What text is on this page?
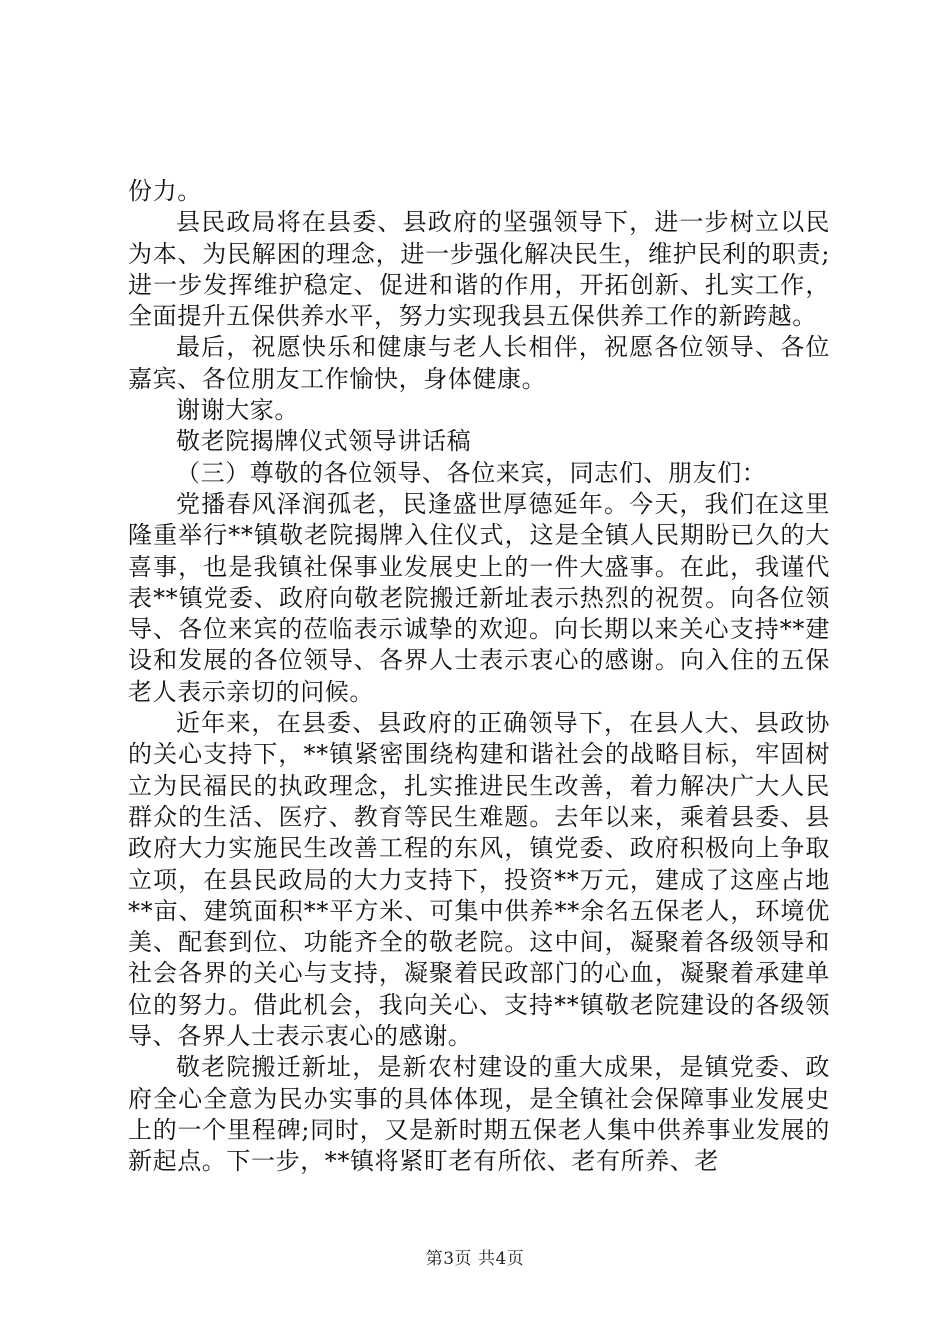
份力。

县民政局将在县委、县政府的坚强领导下，进一步树立以民为本、为民解困的理念，进一步强化解决民生，维护民利的职责;进一步发挥维护稳定、促进和谐的作用，开拓创新、扎实工作，全面提升五保供养水平，努力实现我县五保供养工作的新跨越。

最后，祝愿快乐和健康与老人长相伴，祝愿各位领导、各位嘉宾、各位朋友工作愉快，身体健康。

谢谢大家。

敬老院揭牌仪式领导讲话稿

（三）尊敬的各位领导、各位来宾，同志们、朋友们：

党播春风泽润孤老，民逢盛世厚德延年。今天，我们在这里隆重举行**镇敬老院揭牌入住仪式，这是全镇人民期盼已久的大喜事，也是我镇社保事业发展史上的一件大盛事。在此，我谨代表**镇党委、政府向敬老院搬迁新址表示热烈的祝贺。向各位领导、各位来宾的莅临表示诚挚的欢迎。向长期以来关心支持**建设和发展的各位领导、各界人士表示衷心的感谢。向入住的五保老人表示亲切的问候。

近年来，在县委、县政府的正确领导下，在县人大、县政协的关心支持下，**镇紧密围绕构建和谐社会的战略目标，牢固树立为民福民的执政理念，扎实推进民生改善，着力解决广大人民群众的生活、医疗、教育等民生难题。去年以来，乘着县委、县政府大力实施民生改善工程的东风，镇党委、政府积极向上争取立项，在县民政局的大力支持下，投资**万元，建成了这座占地**亩、建筑面积**平方米、可集中供养**余名五保老人，环境优美、配套到位、功能齐全的敬老院。这中间，凝聚着各级领导和社会各界的关心与支持，凝聚着民政部门的心血，凝聚着承建单位的努力。借此机会，我向关心、支持**镇敬老院建设的各级领导、各界人士表示衷心的感谢。

敬老院搬迁新址，是新农村建设的重大成果，是镇党委、政府全心全意为民办实事的具体体现，是全镇社会保障事业发展史上的一个里程碑;同时，又是新时期五保老人集中供养事业发展的新起点。下一步，**镇将紧盯老有所依、老有所养、老

第3页 共4页
